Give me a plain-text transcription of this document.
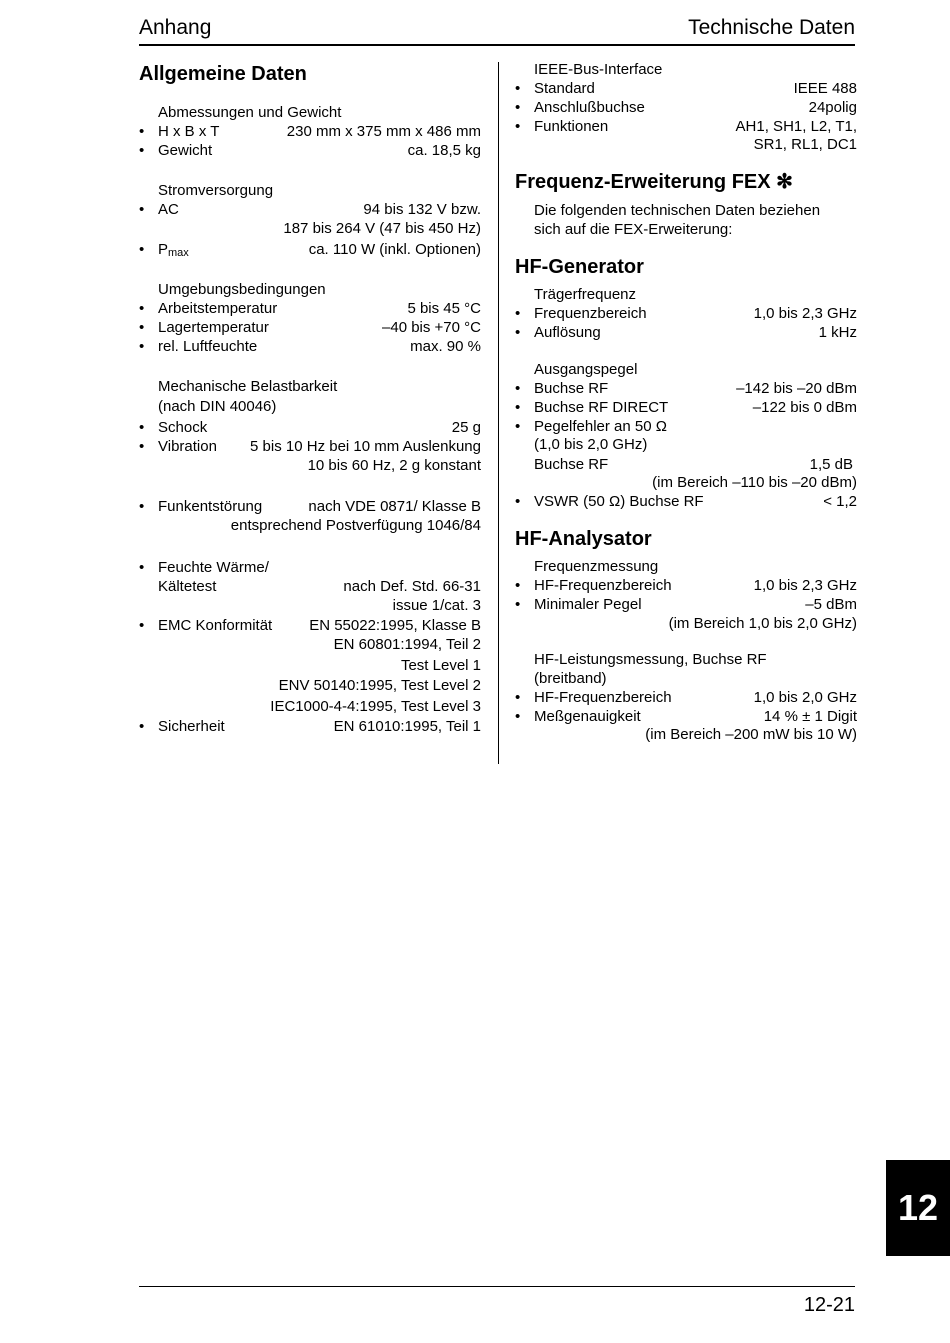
Anhang	Technische Daten
Allgemeine Daten
Abmessungen und Gewicht
• H x B x T	230 mm x 375 mm x 486 mm
• Gewicht	ca. 18,5 kg
Stromversorgung
• AC	94 bis 132 V bzw.
187 bis 264 V (47 bis 450 Hz)
• $P_{max}$	ca. 110 W (inkl. Optionen)
Umgebungsbedingungen
• Arbeitstemperatur	5 bis 45 °C
• Lagertemperatur	–40 bis +70 °C
• rel. Luftfeuchte	max. 90 %
Mechanische Belastbarkeit
(nach DIN 40046)
• Schock	25 g
• Vibration	5 bis 10 Hz bei 10 mm Auslenkung
10 bis 60 Hz, 2 g konstant
• Funkentstörung	nach VDE 0871/ Klasse B
entsprechend Postverfügung 1046/84
• Feuchte Wärme/
Kältetest	nach Def. Std. 66-31
issue 1/cat. 3
• EMC Konformität	EN 55022:1995, Klasse B
EN 60801:1994, Teil 2
Test Level 1
ENV 50140:1995, Test Level 2
IEC1000-4-4:1995, Test Level 3
• Sicherheit	EN 61010:1995, Teil 1
IEEE-Bus-Interface
• Standard	IEEE 488
• Anschlußbuchse	24polig
• Funktionen	AH1, SH1, L2, T1,
SR1, RL1, DC1
Frequenz-Erweiterung FEX ✻
Die folgenden technischen Daten beziehen
sich auf die FEX-Erweiterung:
HF-Generator
Trägerfrequenz
• Frequenzbereich	1,0 bis 2,3 GHz
• Auflösung	1 kHz
Ausgangspegel
• Buchse RF	–142 bis –20 dBm
• Buchse RF DIRECT	–122 bis 0 dBm
• Pegelfehler an 50 Ω
(1,0 bis 2,0 GHz)
Buchse RF	1,5 dB
(im Bereich –110 bis –20 dBm)
• VSWR (50 Ω) Buchse RF	< 1,2
HF-Analysator
Frequenzmessung
• HF-Frequenzbereich	1,0 bis 2,3 GHz
• Minimaler Pegel	–5 dBm
(im Bereich 1,0 bis 2,0 GHz)
HF-Leistungsmessung, Buchse RF
(breitband)
• HF-Frequenzbereich	1,0 bis 2,0 GHz
• Meßgenauigkeit	14 % ± 1 Digit
(im Bereich –200 mW bis 10 W)
12
12-21
